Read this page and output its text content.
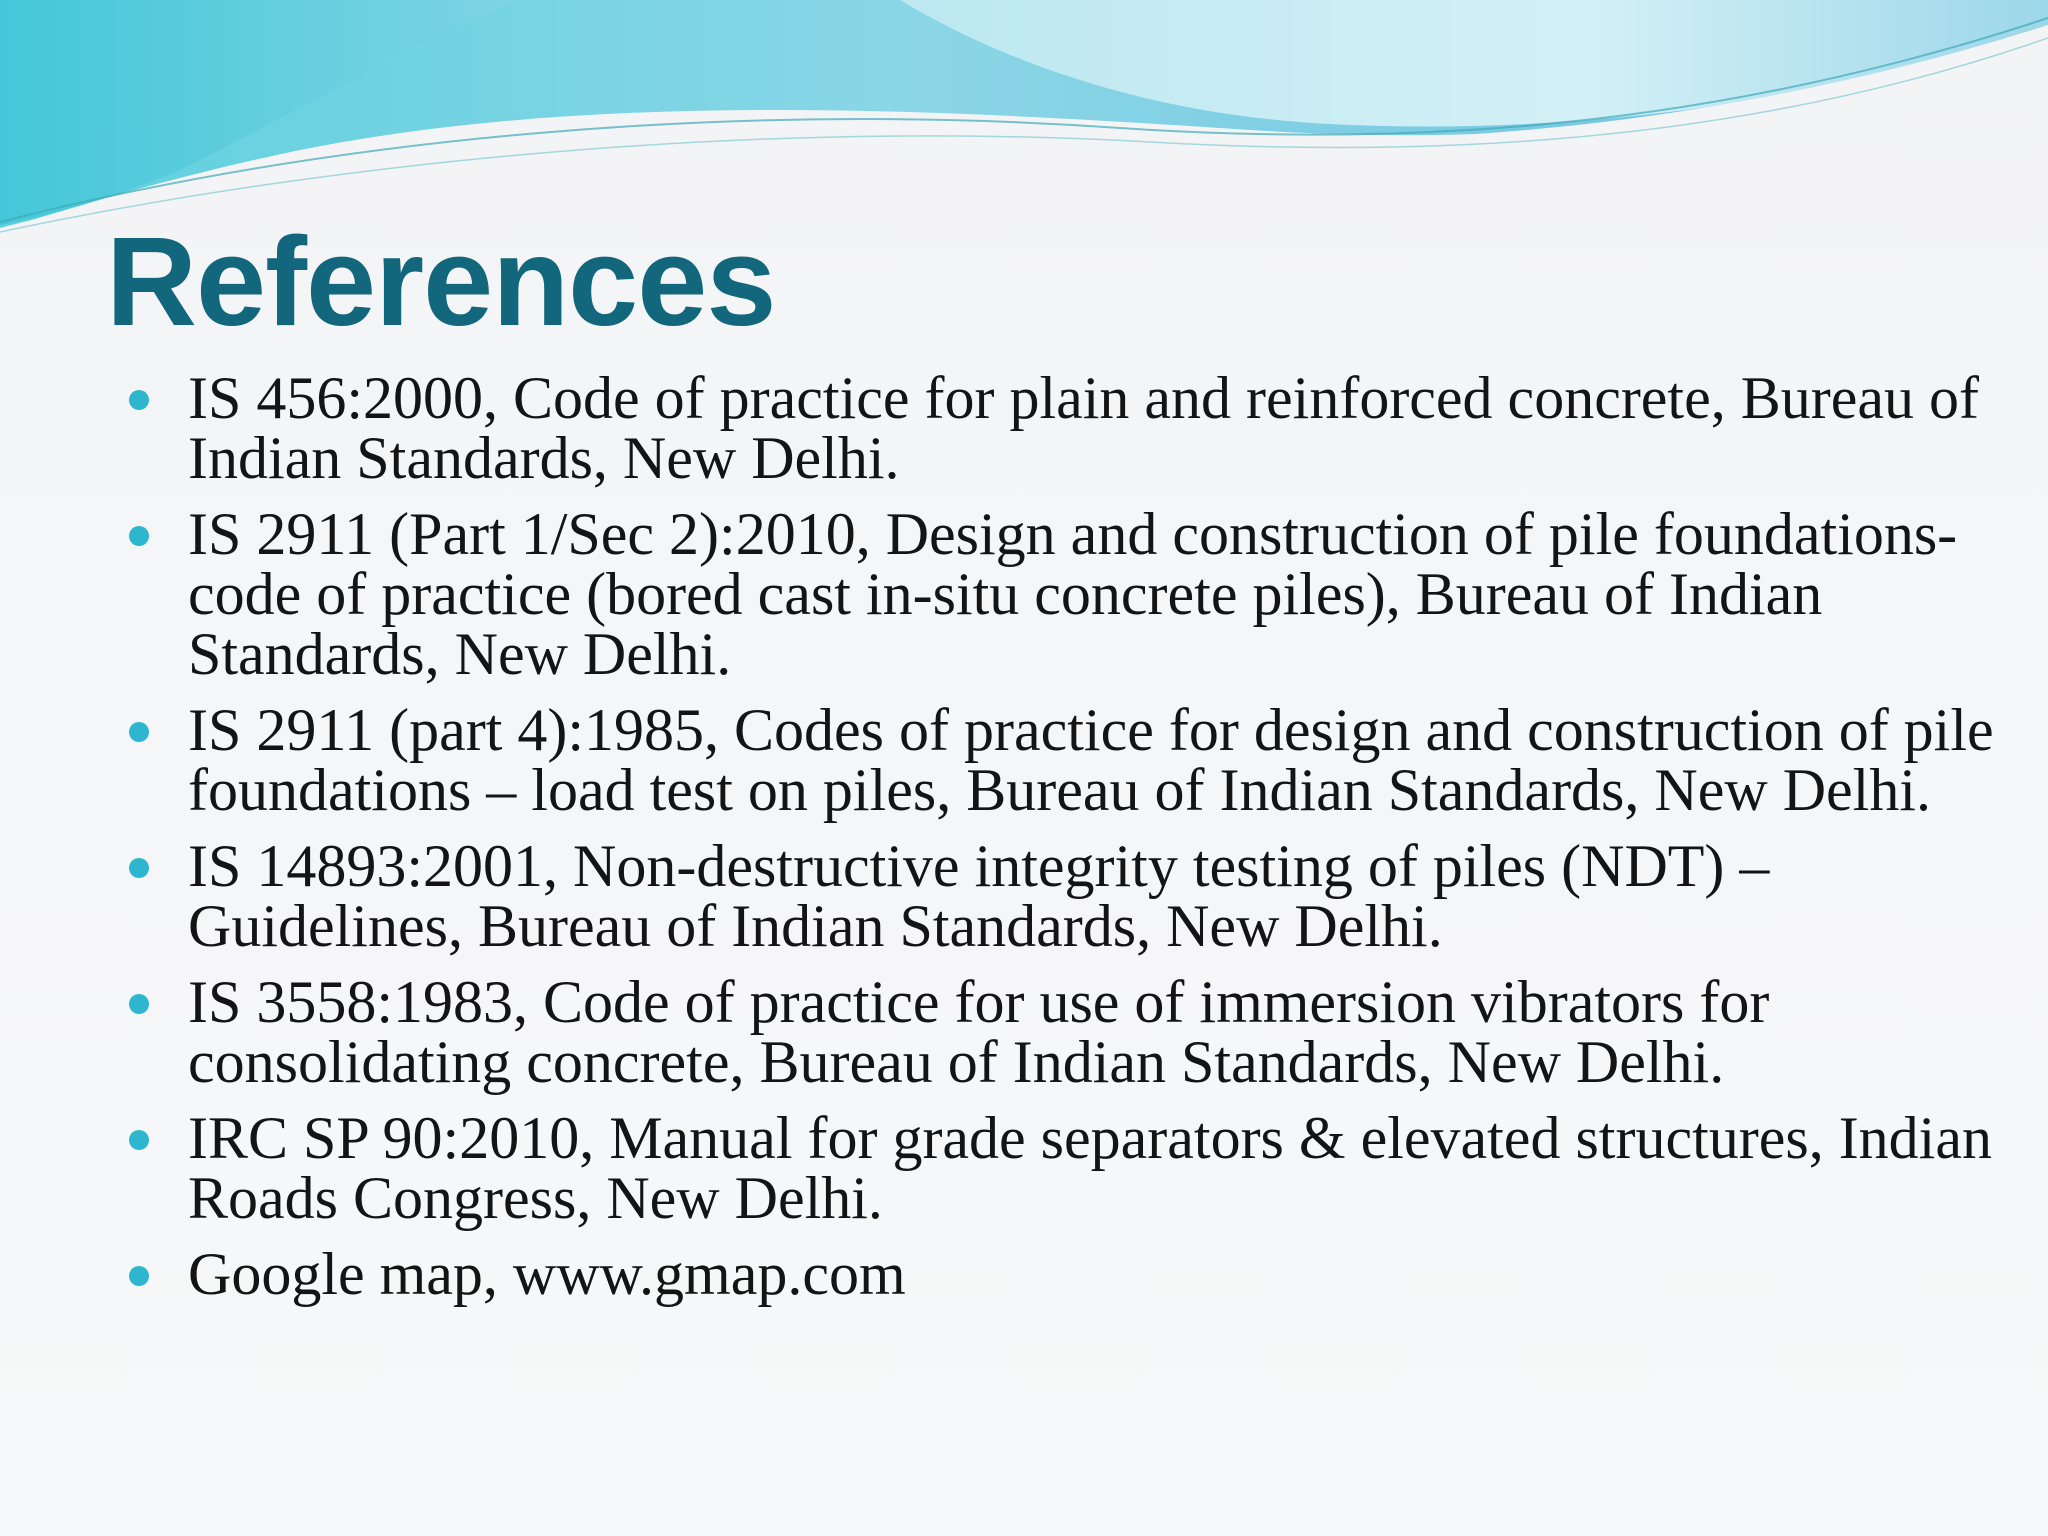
References
IS 456:2000, Code of practice for plain and reinforced concrete, Bureau of Indian Standards, New Delhi.
IS 2911 (Part 1/Sec 2):2010, Design and construction of pile foundations-code of practice (bored cast in-situ concrete piles), Bureau of Indian Standards, New Delhi.
IS 2911 (part 4):1985, Codes of practice for design and construction of pile foundations – load test on piles, Bureau of Indian Standards, New Delhi.
IS 14893:2001, Non-destructive integrity testing of piles (NDT) – Guidelines, Bureau of Indian Standards, New Delhi.
IS 3558:1983, Code of practice for use of immersion vibrators for consolidating concrete, Bureau of Indian Standards, New Delhi.
IRC SP 90:2010, Manual for grade separators & elevated structures, Indian Roads Congress, New Delhi.
Google map, www.gmap.com
